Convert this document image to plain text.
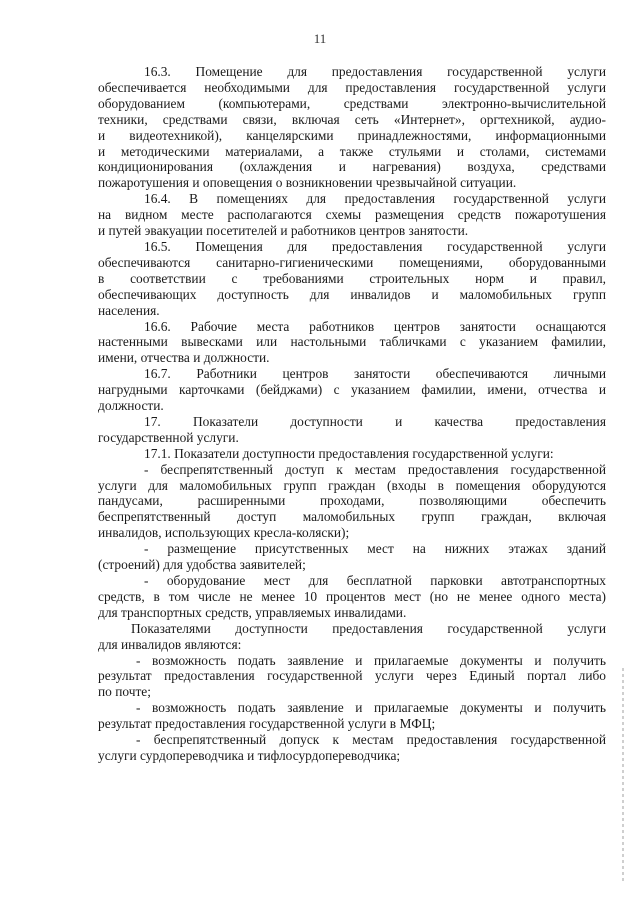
11
16.3. Помещение для предоставления государственной услуги
обеспечивается необходимыми для предоставления государственной услуги
оборудованием (компьютерами, средствами электронно-вычислительной
техники, средствами связи, включая сеть «Интернет», оргтехникой, аудио-
и видеотехникой), канцелярскими принадлежностями, информационными
и методическими материалами, а также стульями и столами, системами
кондиционирования (охлаждения и нагревания) воздуха, средствами
пожаротушения и оповещения о возникновении чрезвычайной ситуации.
16.4. В помещениях для предоставления государственной услуги
на видном месте располагаются схемы размещения средств пожаротушения
и путей эвакуации посетителей и работников центров занятости.
16.5. Помещения для предоставления государственной услуги
обеспечиваются санитарно-гигиеническими помещениями, оборудованными
в соответствии с требованиями строительных норм и правил,
обеспечивающих доступность для инвалидов и маломобильных групп
населения.
16.6. Рабочие места работников центров занятости оснащаются
настенными вывесками или настольными табличками с указанием фамилии,
имени, отчества и должности.
16.7. Работники центров занятости обеспечиваются личными
нагрудными карточками (бейджами) с указанием фамилии, имени, отчества и
должности.
17. Показатели доступности и качества предоставления
государственной услуги.
17.1. Показатели доступности предоставления государственной услуги:
- беспрепятственный доступ к местам предоставления государственной
услуги для маломобильных групп граждан (входы в помещения оборудуются
пандусами, расширенными проходами, позволяющими обеспечить
беспрепятственный доступ маломобильных групп граждан, включая
инвалидов, использующих кресла-коляски);
- размещение присутственных мест на нижних этажах зданий
(строений) для удобства заявителей;
- оборудование мест для бесплатной парковки автотранспортных
средств, в том числе не менее 10 процентов мест (но не менее одного места)
для транспортных средств, управляемых инвалидами.
Показателями доступности предоставления государственной услуги
для инвалидов являются:
- возможность подать заявление и прилагаемые документы и получить
результат предоставления государственной услуги через Единый портал либо
по почте;
- возможность подать заявление и прилагаемые документы и получить
результат предоставления государственной услуги в МФЦ;
- беспрепятственный допуск к местам предоставления государственной
услуги сурдопереводчика и тифлосурдопереводчика;
